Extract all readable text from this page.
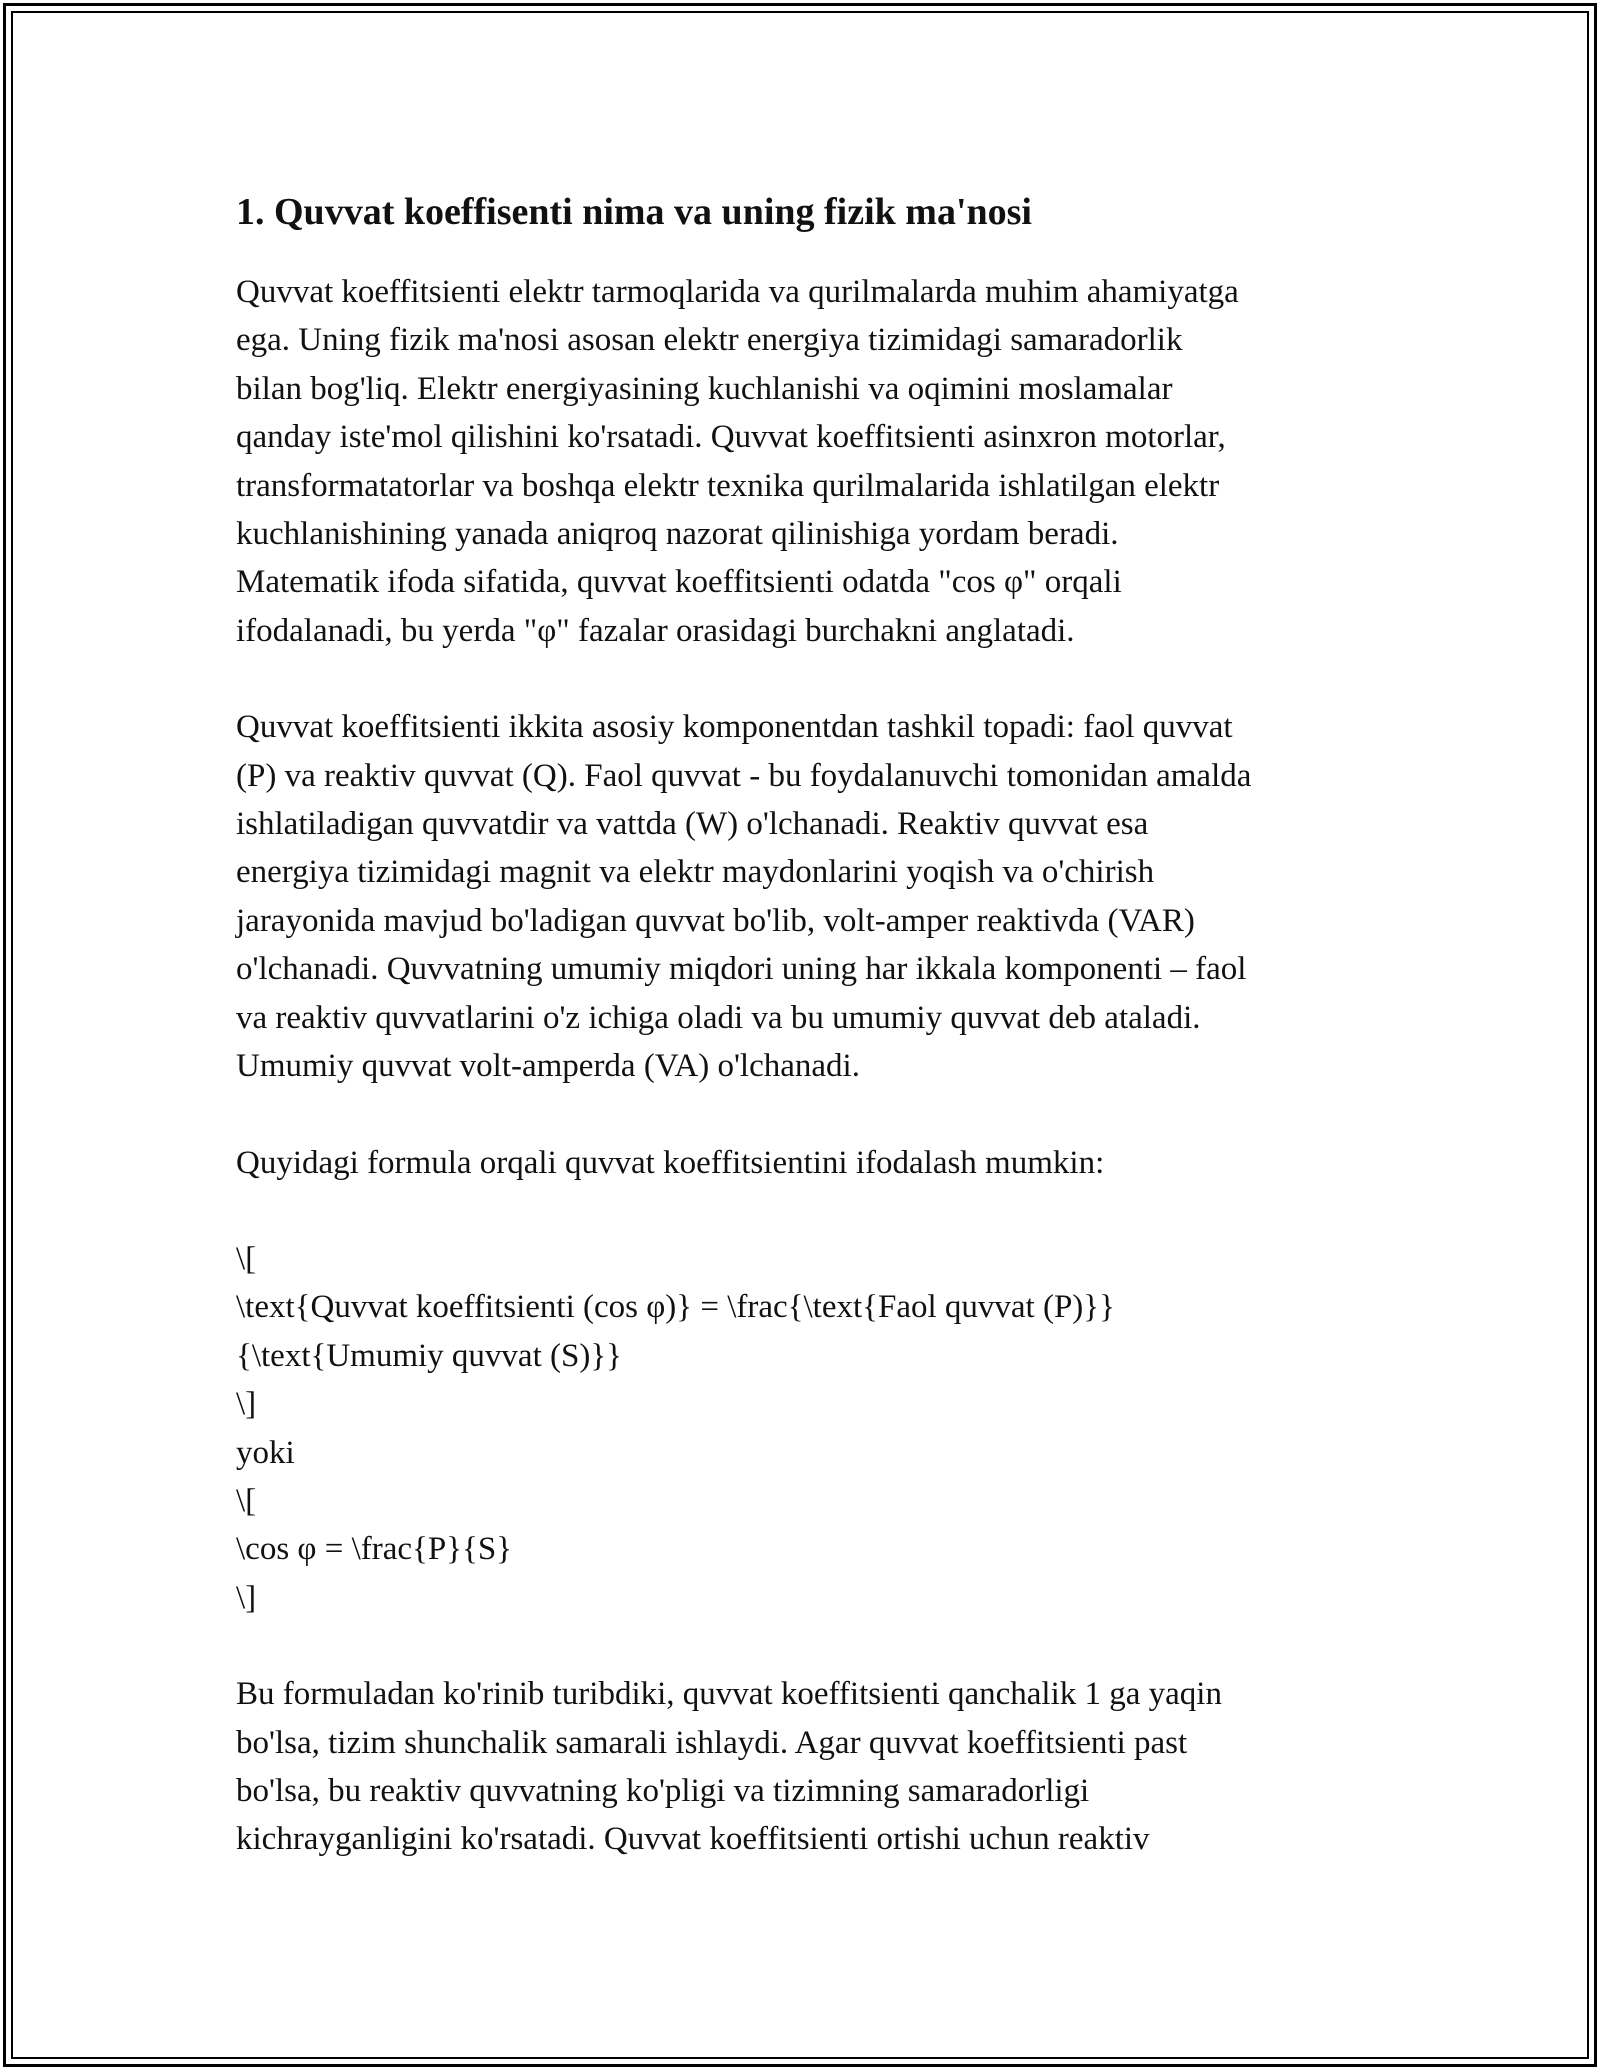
1. Quvvat koeffisenti nima va uning fizik ma'nosi

Quvvat koeffitsienti elektr tarmoqlarida va qurilmalarda muhim ahamiyatga
ega. Uning fizik ma'nosi asosan elektr energiya tizimidagi samaradorlik
bilan bog'liq. Elektr energiyasining kuchlanishi va oqimini moslamalar
qanday iste'mol qilishini ko'rsatadi. Quvvat koeffitsienti asinxron motorlar,
transformatatorlar va boshqa elektr texnika qurilmalarida ishlatilgan elektr
kuchlanishining yanada aniqroq nazorat qilinishiga yordam beradi.
Matematik ifoda sifatida, quvvat koeffitsienti odatda "cos φ" orqali
ifodalanadi, bu yerda "φ" fazalar orasidagi burchakni anglatadi.

Quvvat koeffitsienti ikkita asosiy komponentdan tashkil topadi: faol quvvat
(P) va reaktiv quvvat (Q). Faol quvvat - bu foydalanuvchi tomonidan amalda
ishlatiladigan quvvatdir va vattda (W) o'lchanadi. Reaktiv quvvat esa
energiya tizimidagi magnit va elektr maydonlarini yoqish va o'chirish
jarayonida mavjud bo'ladigan quvvat bo'lib, volt-amper reaktivda (VAR)
o'lchanadi. Quvvatning umumiy miqdori uning har ikkala komponenti – faol
va reaktiv quvvatlarini o'z ichiga oladi va bu umumiy quvvat deb ataladi.
Umumiy quvvat volt-amperda (VA) o'lchanadi.

Quyidagi formula orqali quvvat koeffitsientini ifodalash mumkin:

\[
\text{Quvvat koeffitsienti (cos φ)} = \frac{\text{Faol quvvat (P)}}
{\text{Umumiy quvvat (S)}}
\]
yoki
\[
\cos φ = \frac{P}{S}
\]

Bu formuladan ko'rinib turibdiki, quvvat koeffitsienti qanchalik 1 ga yaqin
bo'lsa, tizim shunchalik samarali ishlaydi. Agar quvvat koeffitsienti past
bo'lsa, bu reaktiv quvvatning ko'pligi va tizimning samaradorligi
kichrayganligini ko'rsatadi. Quvvat koeffitsienti ortishi uchun reaktiv
